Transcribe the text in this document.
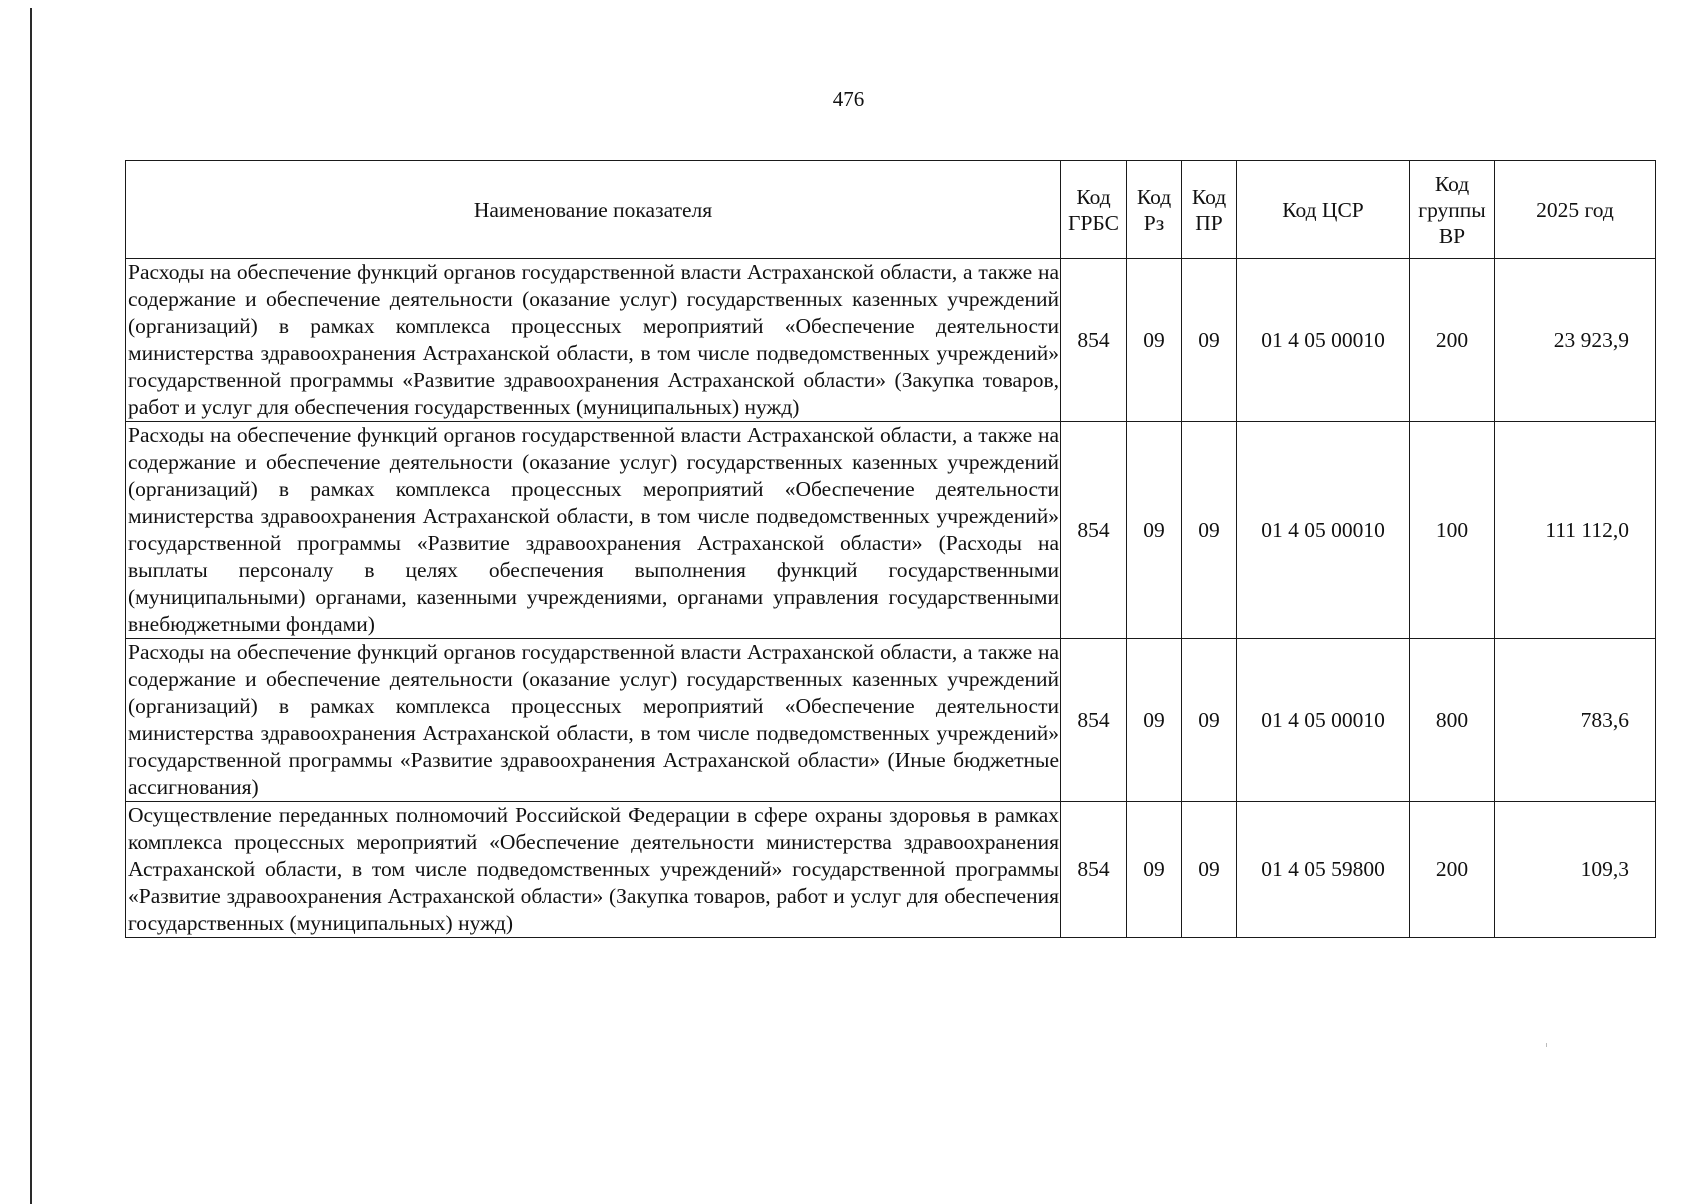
476
Наименование показателя	Код ГРБС	Код Рз	Код ПР	Код ЦСР	Код группы ВР	2025 год
Расходы на обеспечение функций органов государственной власти Астраханской области, а также на содержание и обеспечение деятельности (оказание услуг) государственных казенных учреждений (организаций) в рамках комплекса процессных мероприятий «Обеспечение деятельности министерства здравоохранения Астраханской области, в том числе подведомственных учреждений» государственной программы «Развитие здравоохранения Астраханской области» (Закупка товаров, работ и услуг для обеспечения государственных (муниципальных) нужд)	854	09	09	01 4 05 00010	200	23 923,9
Расходы на обеспечение функций органов государственной власти Астраханской области, а также на содержание и обеспечение деятельности (оказание услуг) государственных казенных учреждений (организаций) в рамках комплекса процессных мероприятий «Обеспечение деятельности министерства здравоохранения Астраханской области, в том числе подведомственных учреждений» государственной программы «Развитие здравоохранения Астраханской области» (Расходы на выплаты персоналу в целях обеспечения выполнения функций государственными (муниципальными) органами, казенными учреждениями, органами управления государственными внебюджетными фондами)	854	09	09	01 4 05 00010	100	111 112,0
Расходы на обеспечение функций органов государственной власти Астраханской области, а также на содержание и обеспечение деятельности (оказание услуг) государственных казенных учреждений (организаций) в рамках комплекса процессных мероприятий «Обеспечение деятельности министерства здравоохранения Астраханской области, в том числе подведомственных учреждений» государственной программы «Развитие здравоохранения Астраханской области» (Иные бюджетные ассигнования)	854	09	09	01 4 05 00010	800	783,6
Осуществление переданных полномочий Российской Федерации в сфере охраны здоровья в рамках комплекса процессных мероприятий «Обеспечение деятельности министерства здравоохранения Астраханской области, в том числе подведомственных учреждений» государственной программы «Развитие здравоохранения Астраханской области» (Закупка товаров, работ и услуг для обеспечения государственных (муниципальных) нужд)	854	09	09	01 4 05 59800	200	109,3
